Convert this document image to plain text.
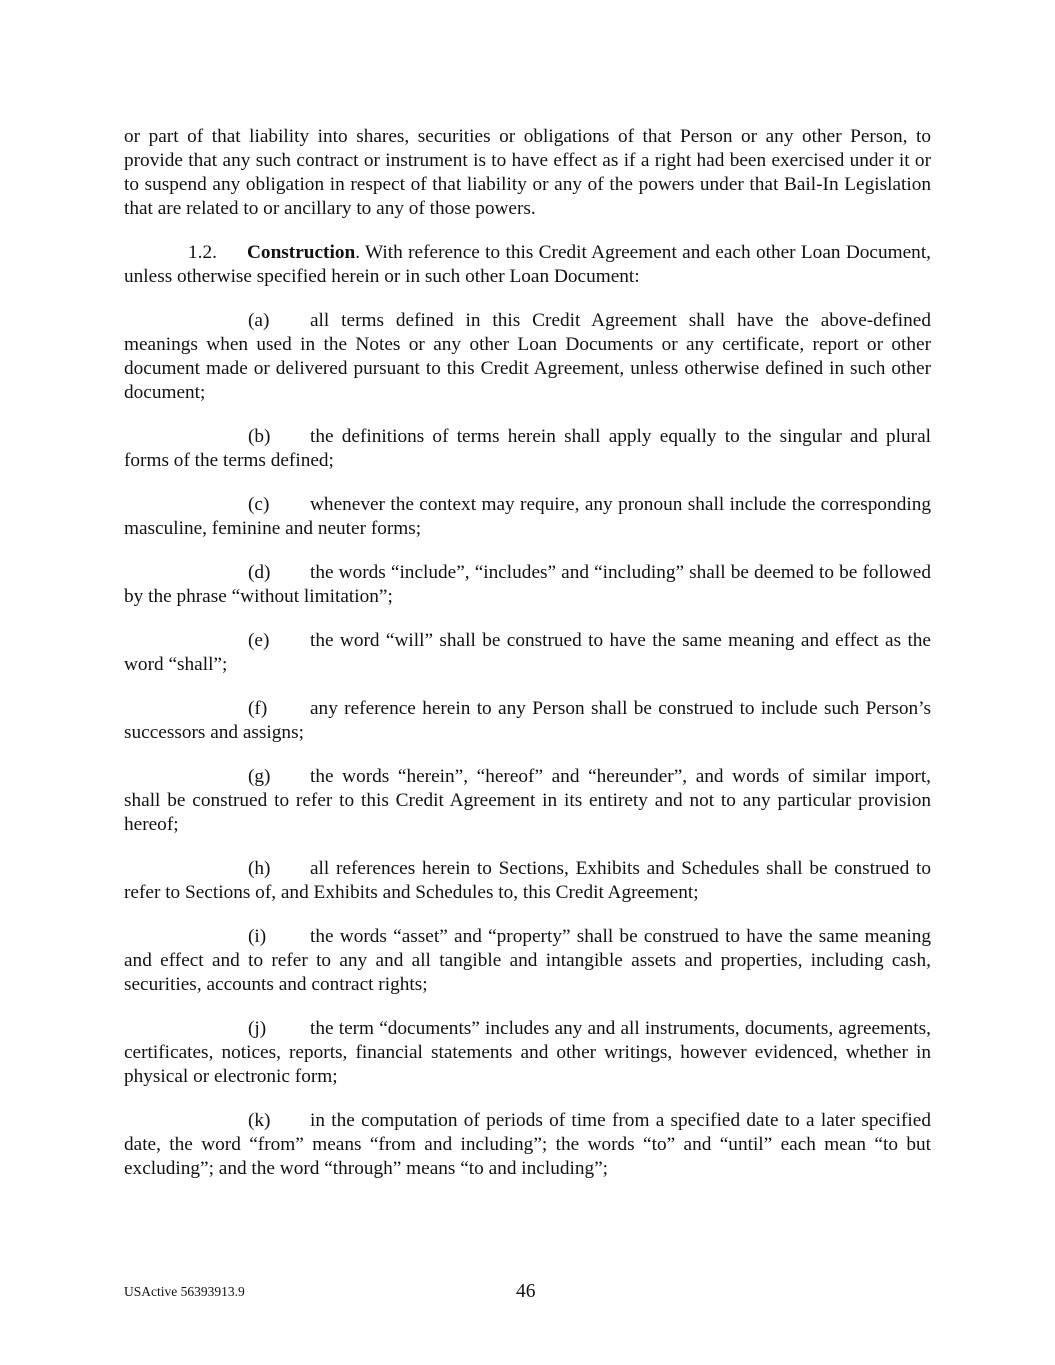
or part of that liability into shares, securities or obligations of that Person or any other Person, to provide that any such contract or instrument is to have effect as if a right had been exercised under it or to suspend any obligation in respect of that liability or any of the powers under that Bail-In Legislation that are related to or ancillary to any of those powers.

1.2. Construction. With reference to this Credit Agreement and each other Loan Document, unless otherwise specified herein or in such other Loan Document:

(a) all terms defined in this Credit Agreement shall have the above-defined meanings when used in the Notes or any other Loan Documents or any certificate, report or other document made or delivered pursuant to this Credit Agreement, unless otherwise defined in such other document;

(b) the definitions of terms herein shall apply equally to the singular and plural forms of the terms defined;

(c) whenever the context may require, any pronoun shall include the corresponding masculine, feminine and neuter forms;

(d) the words “include”, “includes” and “including” shall be deemed to be followed by the phrase “without limitation”;

(e) the word “will” shall be construed to have the same meaning and effect as the word “shall”;

(f) any reference herein to any Person shall be construed to include such Person’s successors and assigns;

(g) the words “herein”, “hereof” and “hereunder”, and words of similar import, shall be construed to refer to this Credit Agreement in its entirety and not to any particular provision hereof;

(h) all references herein to Sections, Exhibits and Schedules shall be construed to refer to Sections of, and Exhibits and Schedules to, this Credit Agreement;

(i) the words “asset” and “property” shall be construed to have the same meaning and effect and to refer to any and all tangible and intangible assets and properties, including cash, securities, accounts and contract rights;

(j) the term “documents” includes any and all instruments, documents, agreements, certificates, notices, reports, financial statements and other writings, however evidenced, whether in physical or electronic form;

(k) in the computation of periods of time from a specified date to a later specified date, the word “from” means “from and including”; the words “to” and “until” each mean “to but excluding”; and the word “through” means “to and including”;

USActive 56393913.9	46
